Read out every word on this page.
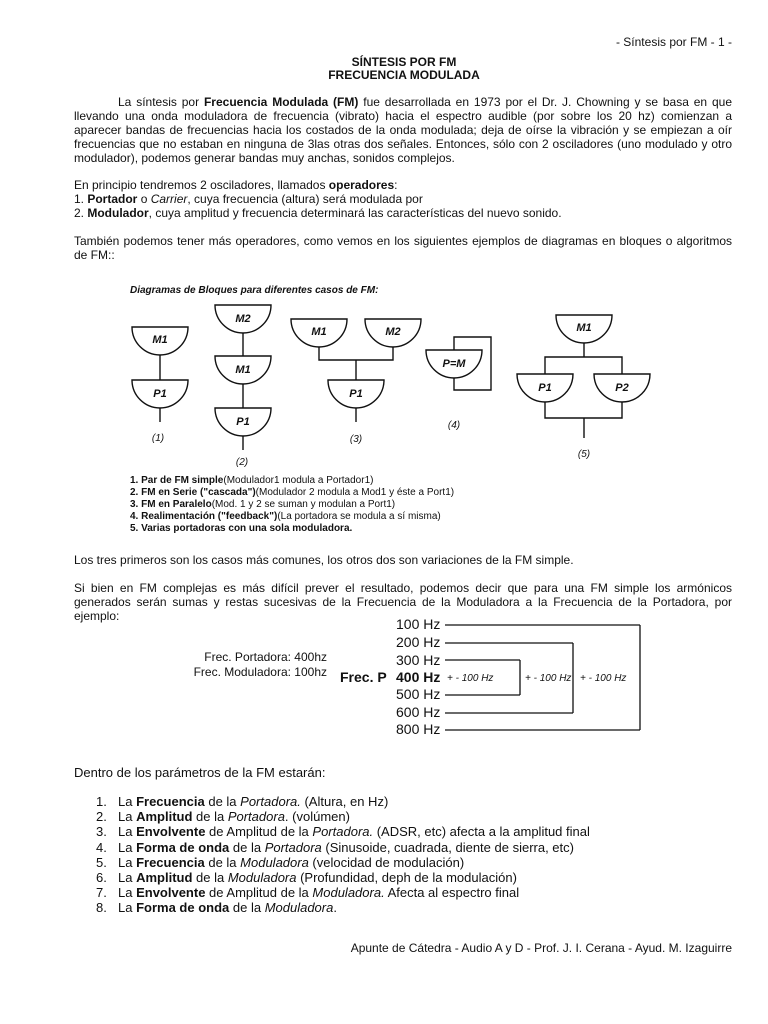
- Síntesis por FM - 1 -
SÍNTESIS POR FM
FRECUENCIA MODULADA
La síntesis por Frecuencia Modulada (FM) fue desarrollada en 1973 por el Dr. J. Chowning y se basa en que llevando una onda moduladora de frecuencia (vibrato) hacia el espectro audible (por sobre los 20 hz) comienzan a aparecer bandas de frecuencias hacia los costados de la onda modulada; deja de oírse la vibración y se empiezan a oír frecuencias que no estaban en ninguna de 3las otras dos señales. Entonces, sólo con 2 osciladores (uno modulado y otro modulador), podemos generar bandas muy anchas, sonidos complejos.
En principio tendremos 2 osciladores, llamados operadores:
1. Portador o Carrier, cuya frecuencia (altura) será modulada por
2. Modulador, cuya amplitud y frecuencia determinará las características del nuevo sonido.
También podemos tener más operadores, como vemos en los siguientes ejemplos de diagramas en bloques o algoritmos de FM::
Diagramas de Bloques para diferentes casos de FM:
M1
P1
M2
M1
P1
M1	M2
P1
P=M
M1
P1	P2
(1)
(2)
(3)
(4)
(5)
1. Par de FM simple(Modulador1 modula a Portador1)
2. FM en Serie ("cascada")(Modulador 2 modula a Mod1 y éste a Port1)
3. FM en Paralelo(Mod. 1 y 2 se suman y modulan a Port1)
4. Realimentación ("feedback")(La portadora se modula a sí misma)
5. Varias portadoras con una sola moduladora.
Los tres primeros son los casos más comunes, los otros dos son variaciones de la FM simple.
Si bien en FM complejas es más difícil prever el resultado, podemos decir que para una FM simple los armónicos generados serán sumas y restas sucesivas de la Frecuencia de la Moduladora a la Frecuencia de la Portadora, por ejemplo:
Frec. Portadora: 400hz
Frec. Moduladora: 100hz
100 Hz
200 Hz
300 Hz
Frec. P 400 Hz
500 Hz
600 Hz
800 Hz
+ - 100 Hz	+ - 100 Hz + - 100 Hz
Dentro de los parámetros de la FM estarán:
1. La Frecuencia de la Portadora. (Altura, en Hz)
2. La Amplitud de la Portadora. (volúmen)
3. La Envolvente de Amplitud de la Portadora. (ADSR, etc) afecta a la amplitud final
4. La Forma de onda de la Portadora (Sinusoide, cuadrada, diente de sierra, etc)
5. La Frecuencia de la Moduladora (velocidad de modulación)
6. La Amplitud de la Moduladora (Profundidad, deph de la modulación)
7. La Envolvente de Amplitud de la Moduladora. Afecta al espectro final
8. La Forma de onda de la Moduladora.
Apunte de Cátedra - Audio A y D - Prof. J. I. Cerana - Ayud. M. Izaguirre
